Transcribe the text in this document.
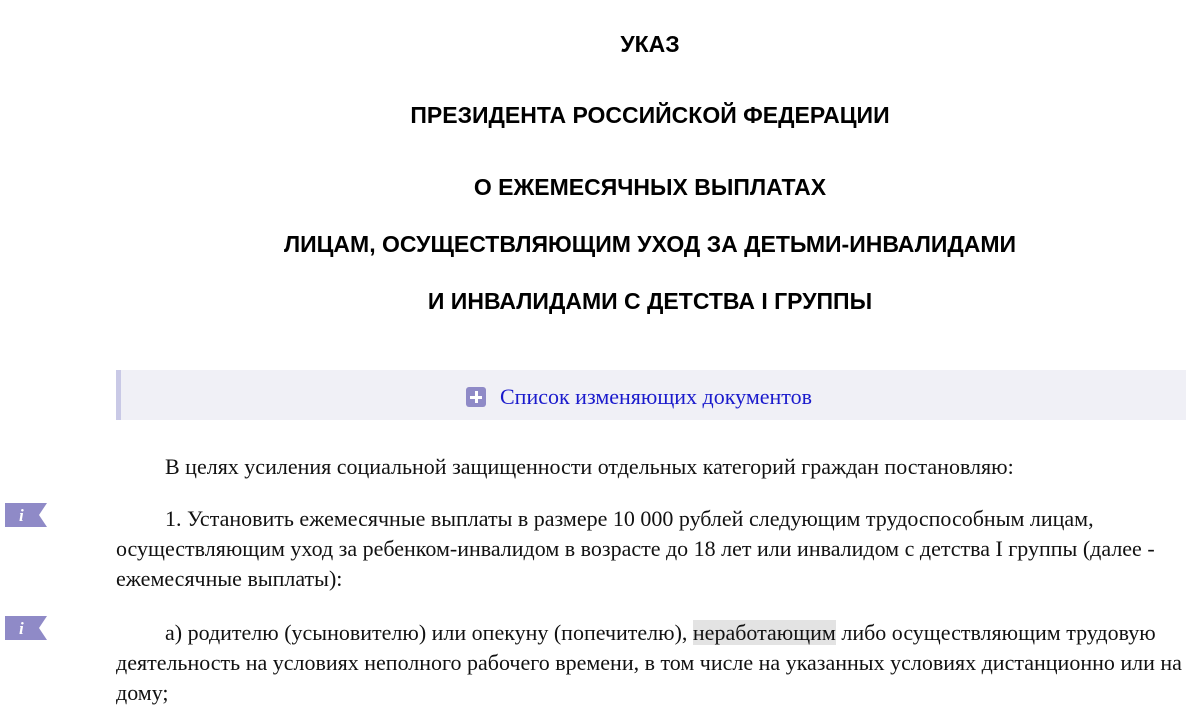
УКАЗ
ПРЕЗИДЕНТА РОССИЙСКОЙ ФЕДЕРАЦИИ
О ЕЖЕМЕСЯЧНЫХ ВЫПЛАТАХ
ЛИЦАМ, ОСУЩЕСТВЛЯЮЩИМ УХОД ЗА ДЕТЬМИ-ИНВАЛИДАМИ
И ИНВАЛИДАМИ С ДЕТСТВА I ГРУППЫ
Список изменяющих документов

В целях усиления социальной защищенности отдельных категорий граждан постановляю:

i	1. Установить ежемесячные выплаты в размере 10 000 рублей следующим трудоспособным лицам, осуществляющим уход за ребенком-инвалидом в возрасте до 18 лет или инвалидом с детства I группы (далее - ежемесячные выплаты):

i	а) родителю (усыновителю) или опекуну (попечителю), неработающим либо осуществляющим трудовую деятельность на условиях неполного рабочего времени, в том числе на указанных условиях дистанционно или на дому;
